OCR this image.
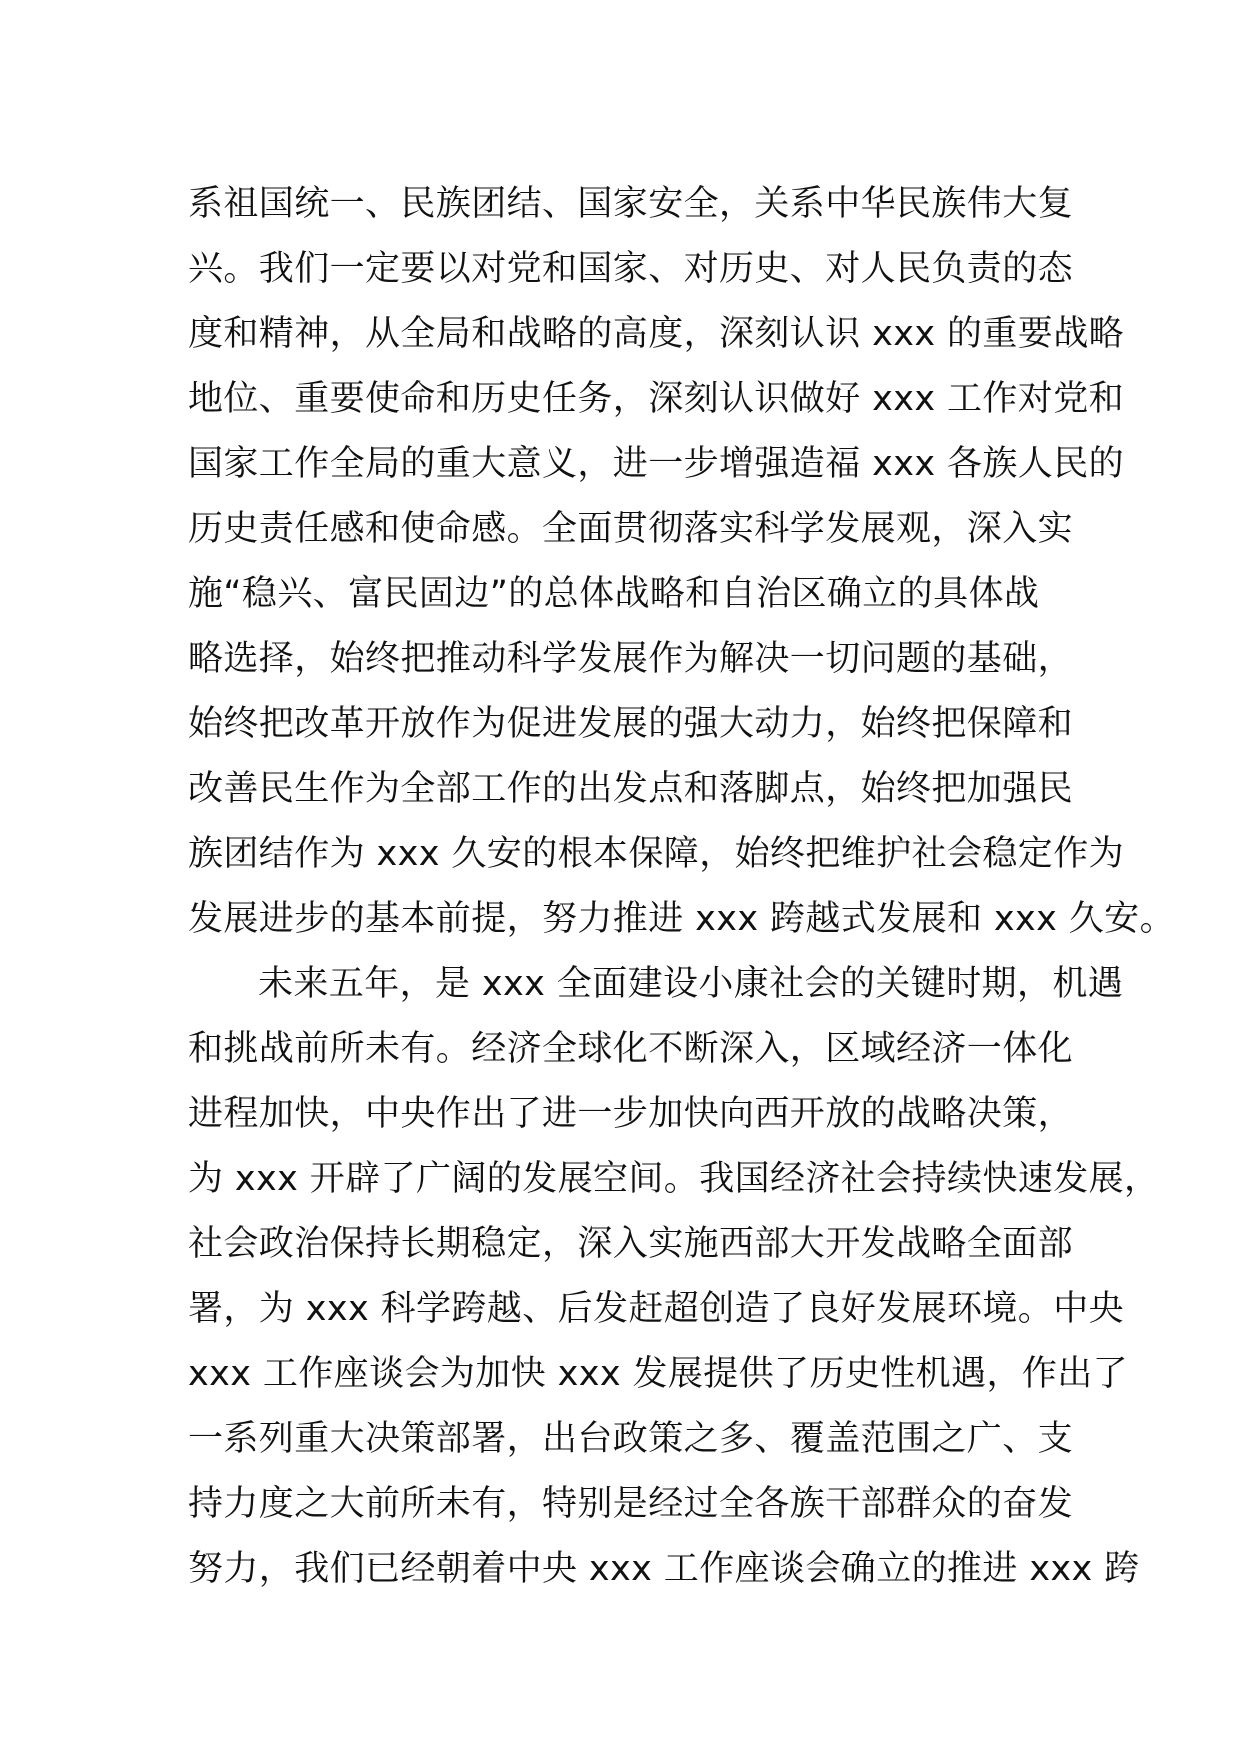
系祖国统一、民族团结、国家安全，关系中华民族伟大复
兴。我们一定要以对党和国家、对历史、对人民负责的态
度和精神，从全局和战略的高度，深刻认识 xxx 的重要战略
地位、重要使命和历史任务，深刻认识做好 xxx 工作对党和
国家工作全局的重大意义，进一步增强造福 xxx 各族人民的
历史责任感和使命感。全面贯彻落实科学发展观，深入实
施“稳兴、富民固边”的总体战略和自治区确立的具体战
略选择，始终把推动科学发展作为解决一切问题的基础，
始终把改革开放作为促进发展的强大动力，始终把保障和
改善民生作为全部工作的出发点和落脚点，始终把加强民
族团结作为 xxx 久安的根本保障，始终把维护社会稳定作为
发展进步的基本前提，努力推进 xxx 跨越式发展和 xxx 久安。
未来五年，是 xxx 全面建设小康社会的关键时期，机遇
和挑战前所未有。经济全球化不断深入，区域经济一体化
进程加快，中央作出了进一步加快向西开放的战略决策，
为 xxx 开辟了广阔的发展空间。我国经济社会持续快速发展，
社会政治保持长期稳定，深入实施西部大开发战略全面部
署，为 xxx 科学跨越、后发赶超创造了良好发展环境。中央
xxx 工作座谈会为加快 xxx 发展提供了历史性机遇，作出了
一系列重大决策部署，出台政策之多、覆盖范围之广、支
持力度之大前所未有，特别是经过全各族干部群众的奋发
努力，我们已经朝着中央 xxx 工作座谈会确立的推进 xxx 跨
